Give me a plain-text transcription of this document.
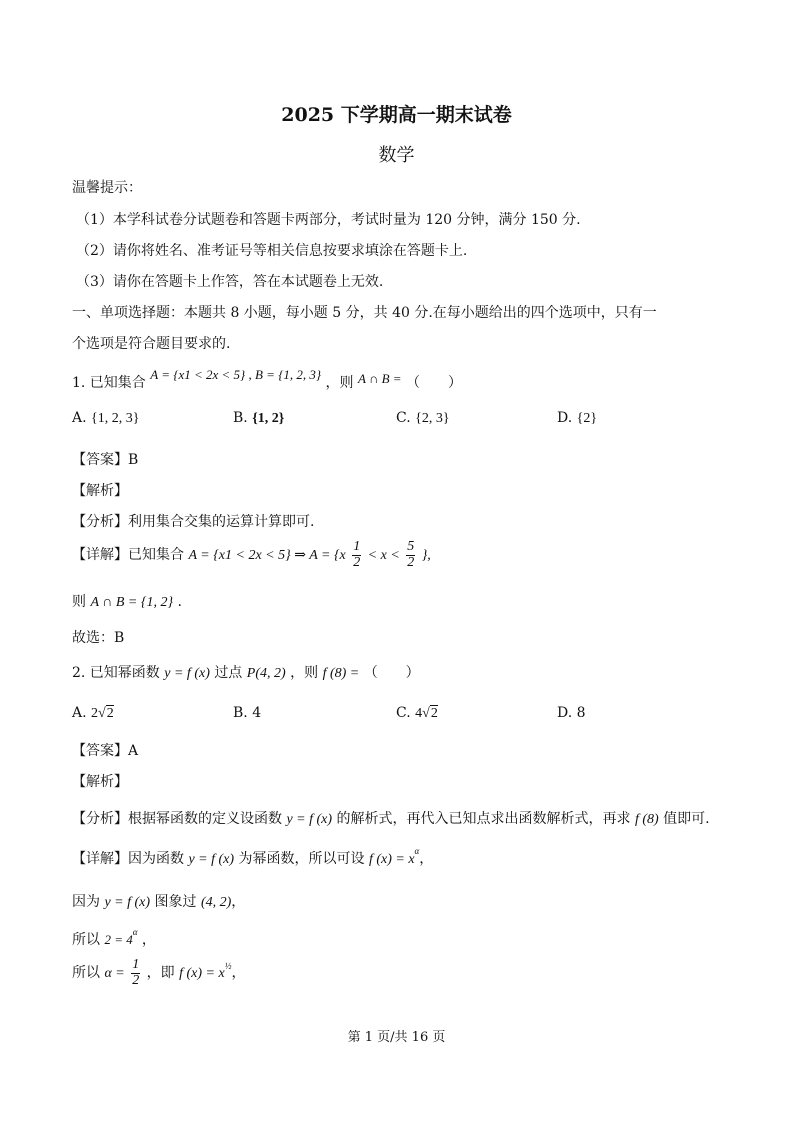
2025 下学期高一期末试卷
数学
温馨提示：
（1）本学科试卷分试题卷和答题卡两部分，考试时量为 120 分钟，满分 150 分.
（2）请你将姓名、准考证号等相关信息按要求填涂在答题卡上.
（3）请你在答题卡上作答，答在本试题卷上无效.
一、单项选择题：本题共 8 小题，每小题 5 分，共 40 分.在每小题给出的四个选项中，只有一
个选项是符合题目要求的.
1. 已知集合 A = {x1 < 2x < 5} , B = {1, 2, 3} ，则 A ∩ B = （　　）
A. {1, 2, 3}	B. {1, 2}	C. {2, 3}	D. {2}
【答案】B
【解析】
【分析】利用集合交集的运算计算即可.
【详解】已知集合 A = {x1 < 2x < 5} ⇒ $A = \{x \frac{1}{2} < x < \frac{5}{2}$ },
则 A ∩ B = {1, 2} .
故选：B
2. 已知幂函数 y = f (x) 过点 P(4, 2) ，则 f (8) = （　　）
A. 2√2	B. 4	C. 4√2	D. 8
【答案】A
【解析】
【分析】根据幂函数的定义设函数 y = f (x) 的解析式，再代入已知点求出函数解析式，再求 f (8) 值即可.
【详解】因为函数 y = f (x) 为幂函数，所以可设 f $(x) = x^\alpha$，
因为 y = f (x) 图象过 (4, 2)，
所以 $2 = 4^\alpha$ ，
所以 $\alpha = \frac{1}{2}$ ，即 f $(x) = x^{\frac{1}{2}}$，
第 1 页/共 16 页
